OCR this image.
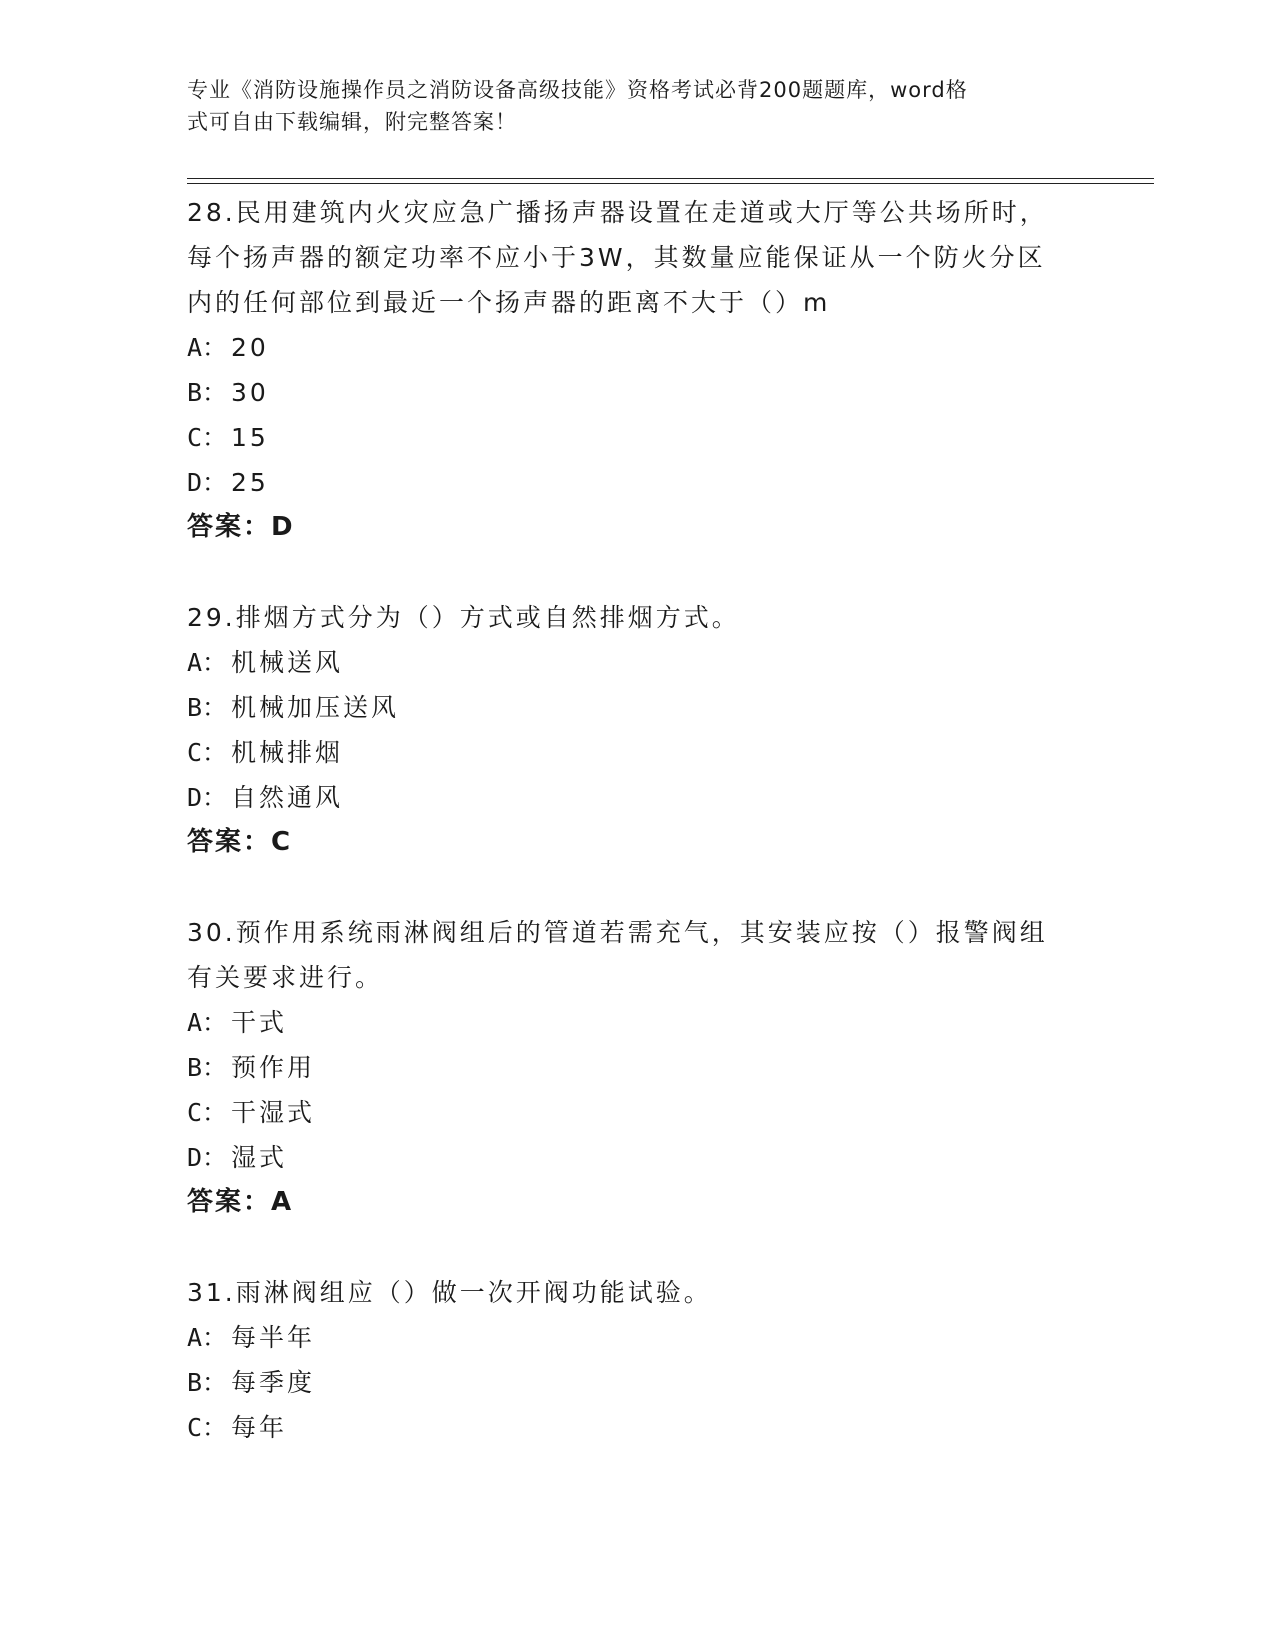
专业《消防设施操作员之消防设备高级技能》资格考试必背200题题库，word格
式可自由下载编辑，附完整答案！

28.民用建筑内火灾应急广播扬声器设置在走道或大厅等公共场所时，

每个扬声器的额定功率不应小于3W，其数量应能保证从一个防火分区

内的任何部位到最近一个扬声器的距离不大于（）m

A： 20

B： 30

C： 15

D： 25

答案：D

29.排烟方式分为（）方式或自然排烟方式。

A： 机械送风

B： 机械加压送风

C： 机械排烟

D： 自然通风

答案：C

30.预作用系统雨淋阀组后的管道若需充气，其安装应按（）报警阀组

有关要求进行。

A： 干式

B： 预作用

C： 干湿式

D： 湿式

答案：A

31.雨淋阀组应（）做一次开阀功能试验。

A： 每半年

B： 每季度

C： 每年
